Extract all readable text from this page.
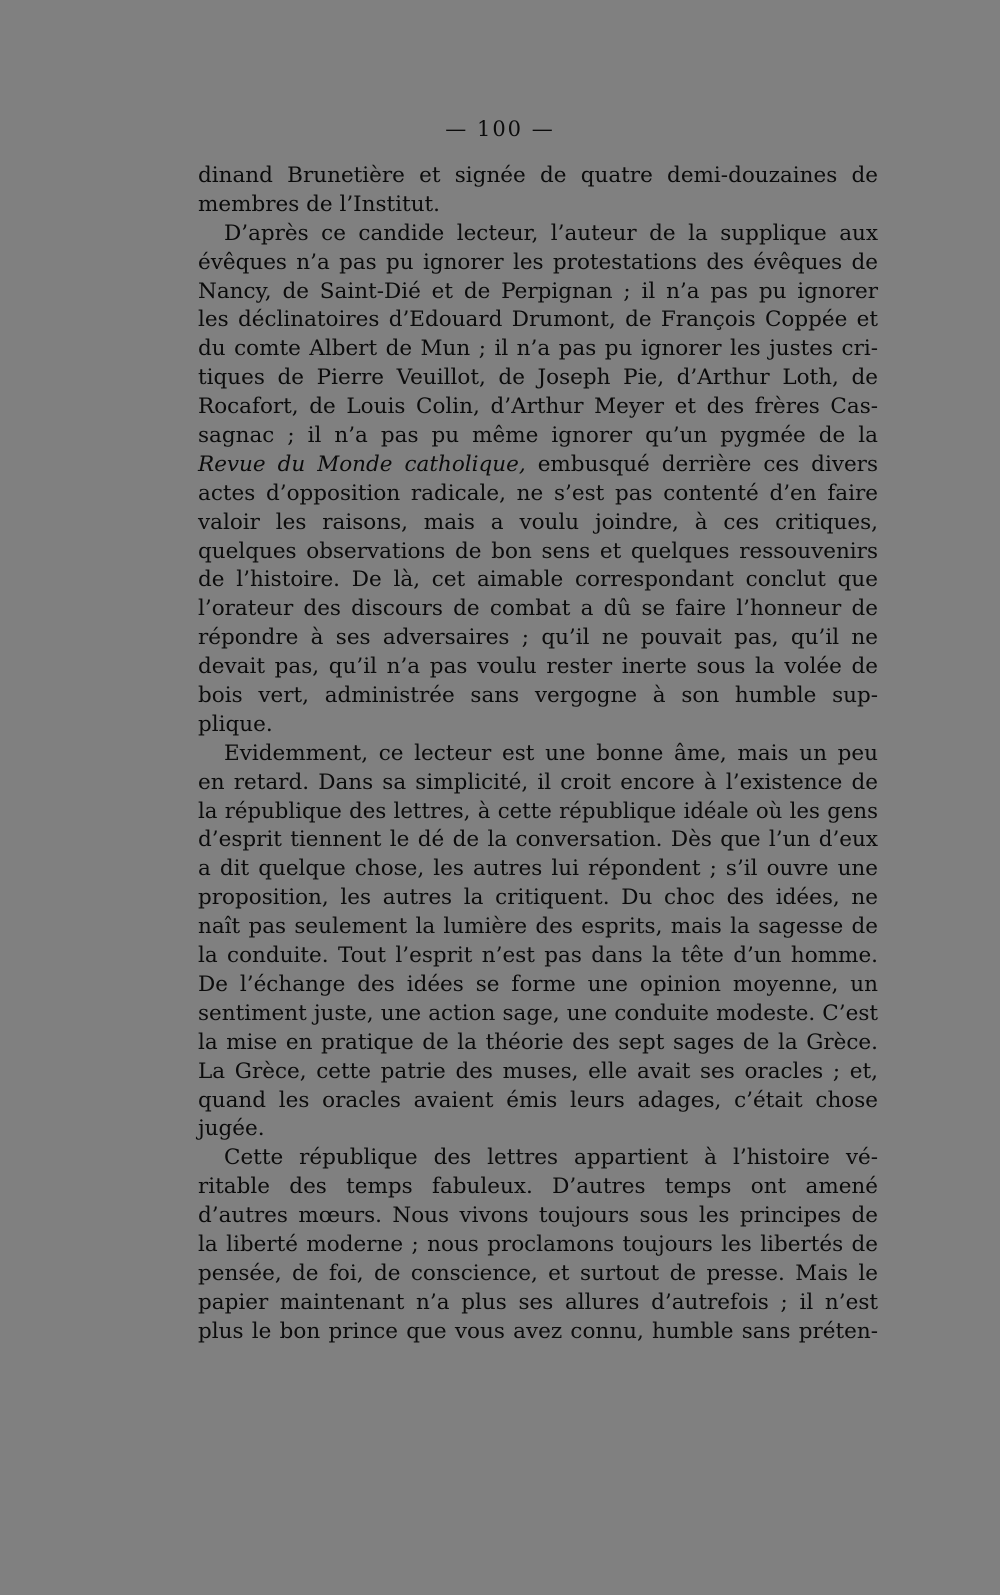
— 100 —
dinand Brunetière et signée de quatre demi-douzaines de
membres de l’Institut.
D’après ce candide lecteur, l’auteur de la supplique aux
évêques n’a pas pu ignorer les protestations des évêques de
Nancy, de Saint-Dié et de Perpignan ; il n’a pas pu ignorer
les déclinatoires d’Edouard Drumont, de François Coppée et
du comte Albert de Mun ; il n’a pas pu ignorer les justes cri-
tiques de Pierre Veuillot, de Joseph Pie, d’Arthur Loth, de
Rocafort, de Louis Colin, d’Arthur Meyer et des frères Cas-
sagnac ; il n’a pas pu même ignorer qu’un pygmée de la
Revue du Monde catholique, embusqué derrière ces divers
actes d’opposition radicale, ne s’est pas contenté d’en faire
valoir les raisons, mais a voulu joindre, à ces critiques,
quelques observations de bon sens et quelques ressouvenirs
de l’histoire. De là, cet aimable correspondant conclut que
l’orateur des discours de combat a dû se faire l’honneur de
répondre à ses adversaires ; qu’il ne pouvait pas, qu’il ne
devait pas, qu’il n’a pas voulu rester inerte sous la volée de
bois vert, administrée sans vergogne à son humble sup-
plique.
Evidemment, ce lecteur est une bonne âme, mais un peu
en retard. Dans sa simplicité, il croit encore à l’existence de
la république des lettres, à cette république idéale où les gens
d’esprit tiennent le dé de la conversation. Dès que l’un d’eux
a dit quelque chose, les autres lui répondent ; s’il ouvre une
proposition, les autres la critiquent. Du choc des idées, ne
naît pas seulement la lumière des esprits, mais la sagesse de
la conduite. Tout l’esprit n’est pas dans la tête d’un homme.
De l’échange des idées se forme une opinion moyenne, un
sentiment juste, une action sage, une conduite modeste. C’est
la mise en pratique de la théorie des sept sages de la Grèce.
La Grèce, cette patrie des muses, elle avait ses oracles ; et,
quand les oracles avaient émis leurs adages, c’était chose
jugée.
Cette république des lettres appartient à l’histoire vé-
ritable des temps fabuleux. D’autres temps ont amené
d’autres mœurs. Nous vivons toujours sous les principes de
la liberté moderne ; nous proclamons toujours les libertés de
pensée, de foi, de conscience, et surtout de presse. Mais le
papier maintenant n’a plus ses allures d’autrefois ; il n’est
plus le bon prince que vous avez connu, humble sans préten-
